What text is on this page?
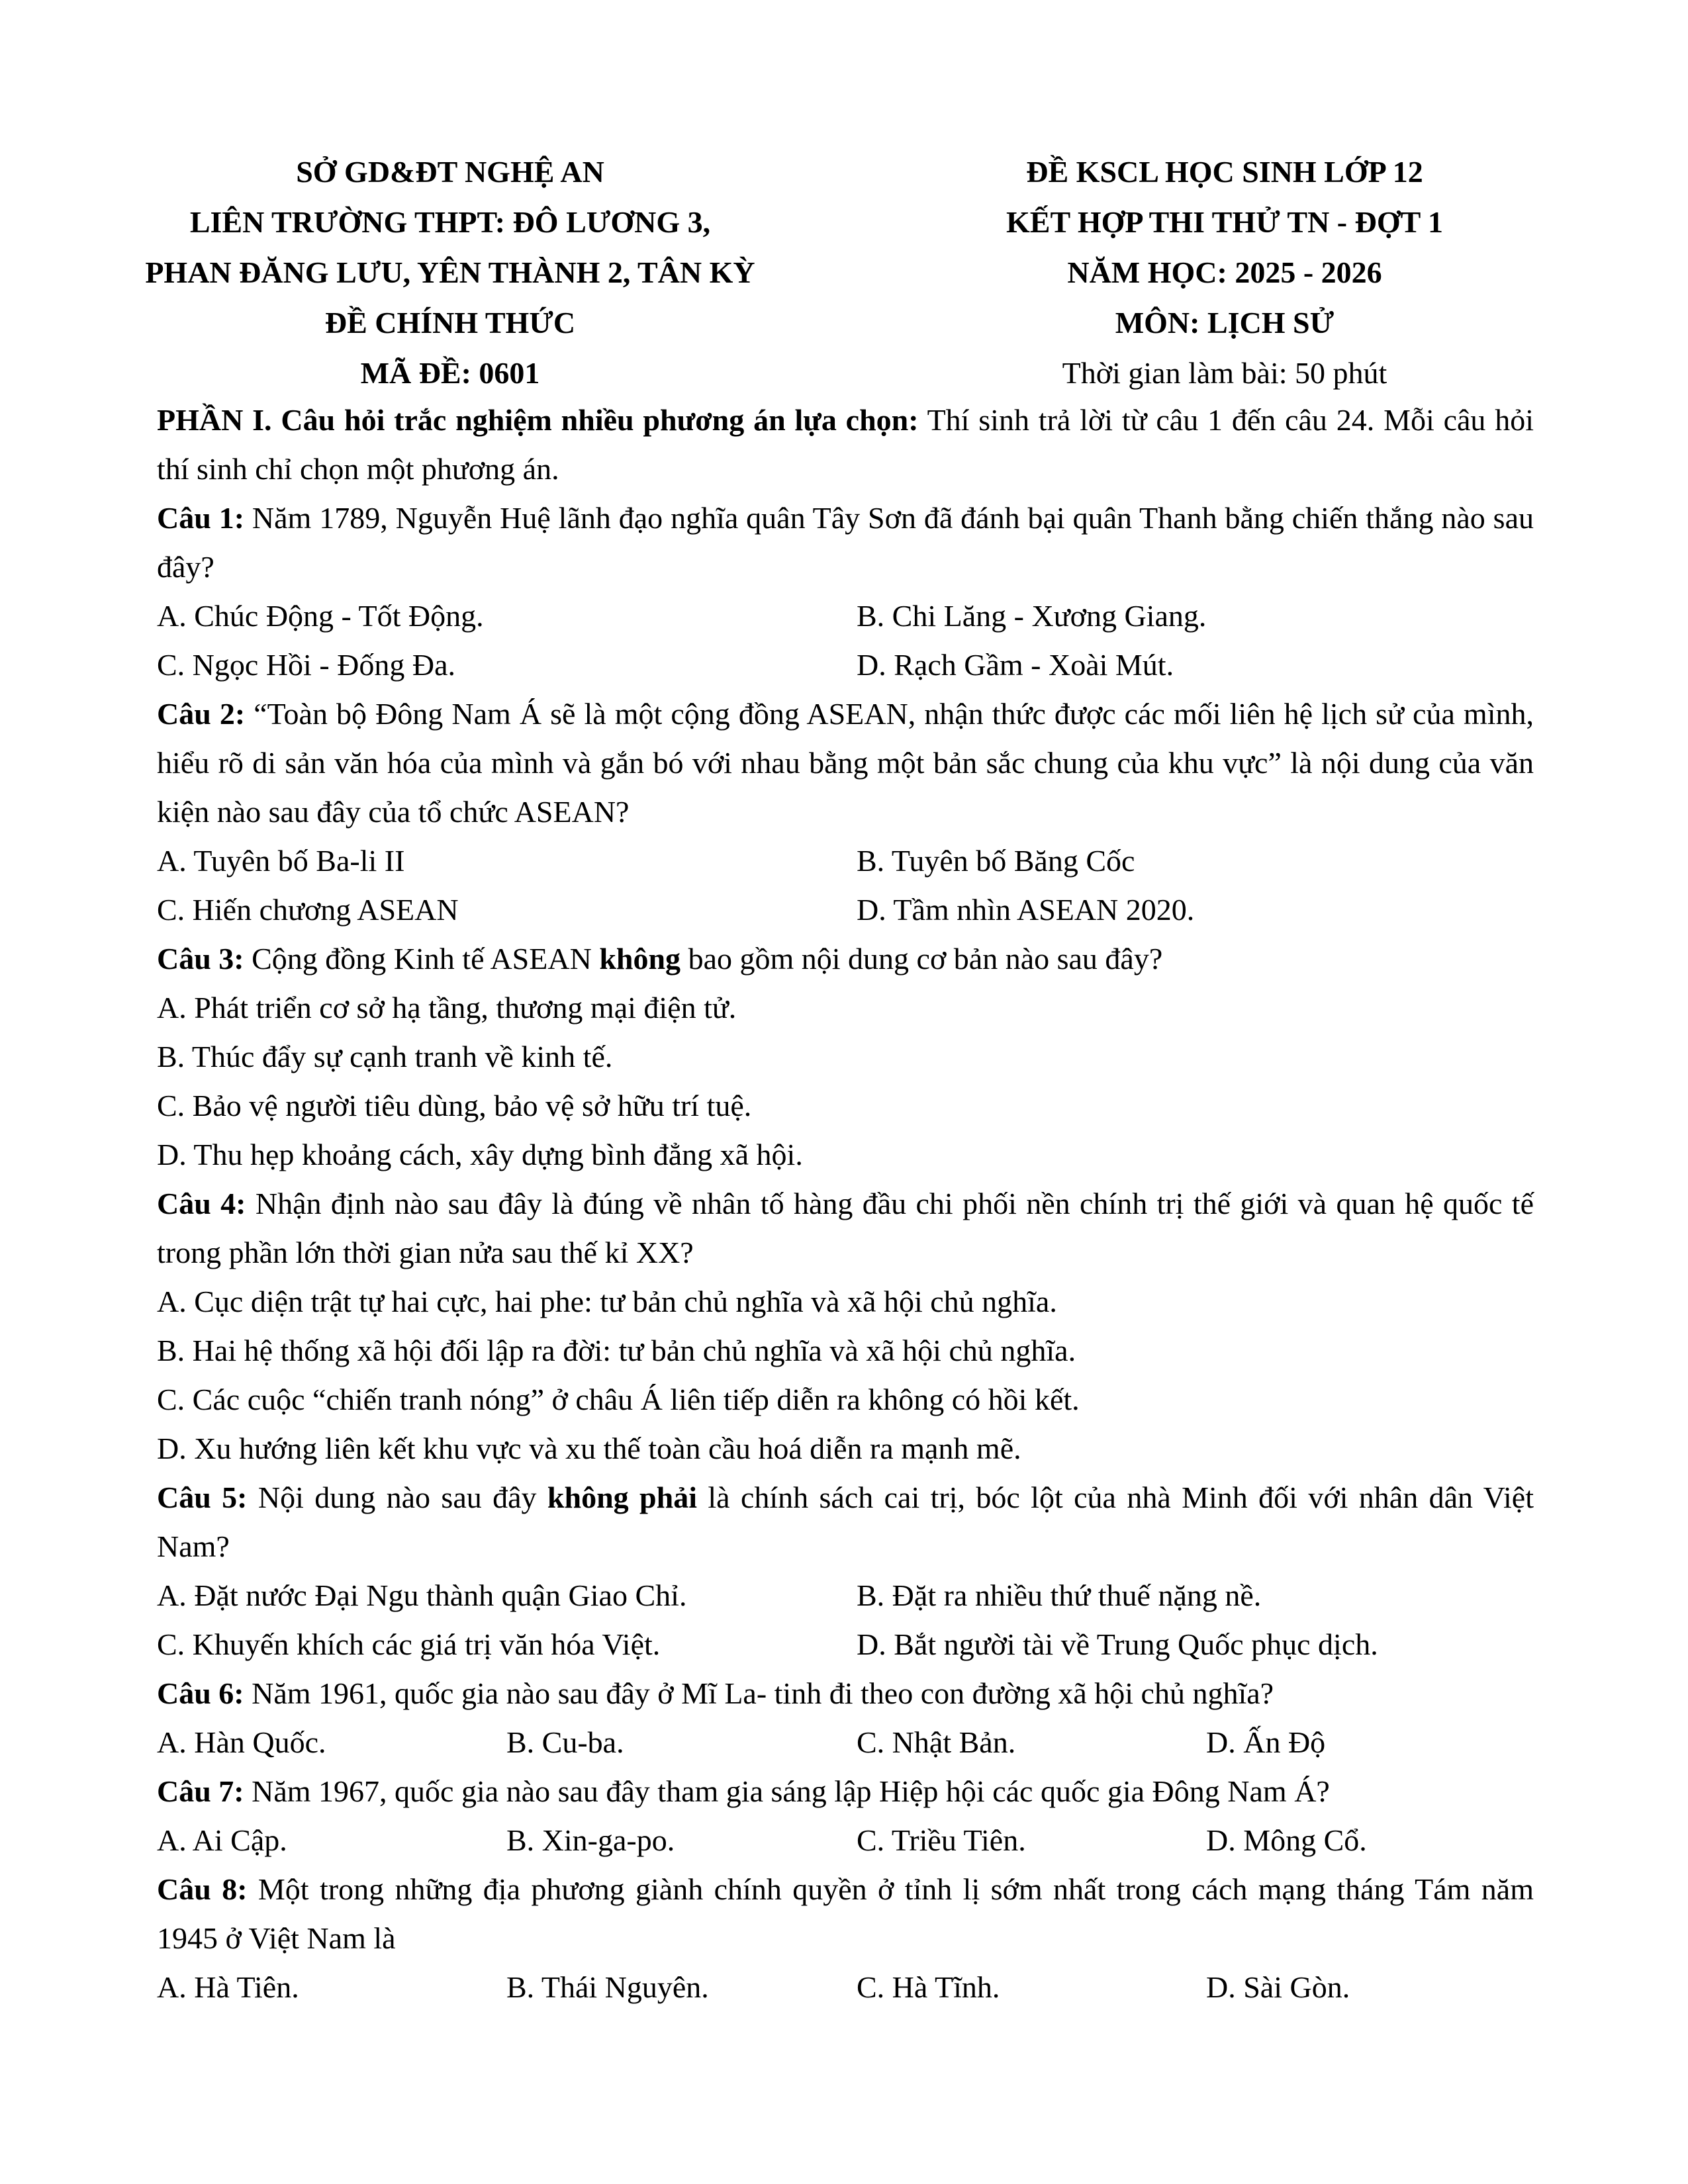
SỞ GD&ĐT NGHỆ AN
LIÊN TRƯỜNG THPT: ĐÔ LƯƠNG 3,
PHAN ĐĂNG LƯU, YÊN THÀNH 2, TÂN KỲ
ĐỀ CHÍNH THỨC
MÃ ĐỀ: 0601
ĐỀ KSCL HỌC SINH LỚP 12
KẾT HỢP THI THỬ TN - ĐỢT 1
NĂM HỌC: 2025 - 2026
MÔN: LỊCH SỬ
Thời gian làm bài: 50 phút
PHẦN I. Câu hỏi trắc nghiệm nhiều phương án lựa chọn: Thí sinh trả lời từ câu 1 đến câu 24. Mỗi câu hỏi thí sinh chỉ chọn một phương án.
Câu 1: Năm 1789, Nguyễn Huệ lãnh đạo nghĩa quân Tây Sơn đã đánh bại quân Thanh bằng chiến thắng nào sau đây?
A. Chúc Động - Tốt Động.	B. Chi Lăng - Xương Giang.
C. Ngọc Hồi - Đống Đa.	D. Rạch Gầm - Xoài Mút.
Câu 2: “Toàn bộ Đông Nam Á sẽ là một cộng đồng ASEAN, nhận thức được các mối liên hệ lịch sử của mình, hiểu rõ di sản văn hóa của mình và gắn bó với nhau bằng một bản sắc chung của khu vực” là nội dung của văn kiện nào sau đây của tổ chức ASEAN?
A. Tuyên bố Ba-li II	B. Tuyên bố Băng Cốc
C. Hiến chương ASEAN	D. Tầm nhìn ASEAN 2020.
Câu 3: Cộng đồng Kinh tế ASEAN không bao gồm nội dung cơ bản nào sau đây?
A. Phát triển cơ sở hạ tầng, thương mại điện tử.
B. Thúc đẩy sự cạnh tranh về kinh tế.
C. Bảo vệ người tiêu dùng, bảo vệ sở hữu trí tuệ.
D. Thu hẹp khoảng cách, xây dựng bình đẳng xã hội.
Câu 4: Nhận định nào sau đây là đúng về nhân tố hàng đầu chi phối nền chính trị thế giới và quan hệ quốc tế trong phần lớn thời gian nửa sau thế kỉ XX?
A. Cục diện trật tự hai cực, hai phe: tư bản chủ nghĩa và xã hội chủ nghĩa.
B. Hai hệ thống xã hội đối lập ra đời: tư bản chủ nghĩa và xã hội chủ nghĩa.
C. Các cuộc “chiến tranh nóng” ở châu Á liên tiếp diễn ra không có hồi kết.
D. Xu hướng liên kết khu vực và xu thế toàn cầu hoá diễn ra mạnh mẽ.
Câu 5: Nội dung nào sau đây không phải là chính sách cai trị, bóc lột của nhà Minh đối với nhân dân Việt Nam?
A. Đặt nước Đại Ngu thành quận Giao Chỉ.	B. Đặt ra nhiều thứ thuế nặng nề.
C. Khuyến khích các giá trị văn hóa Việt.	D. Bắt người tài về Trung Quốc phục dịch.
Câu 6: Năm 1961, quốc gia nào sau đây ở Mĩ La- tinh đi theo con đường xã hội chủ nghĩa?
A. Hàn Quốc.	B. Cu-ba.	C. Nhật Bản.	D. Ấn Độ
Câu 7: Năm 1967, quốc gia nào sau đây tham gia sáng lập Hiệp hội các quốc gia Đông Nam Á?
A. Ai Cập.	B. Xin-ga-po.	C. Triều Tiên.	D. Mông Cổ.
Câu 8: Một trong những địa phương giành chính quyền ở tỉnh lị sớm nhất trong cách mạng tháng Tám năm 1945 ở Việt Nam là
A. Hà Tiên.	B. Thái Nguyên.	C. Hà Tĩnh.	D. Sài Gòn.
